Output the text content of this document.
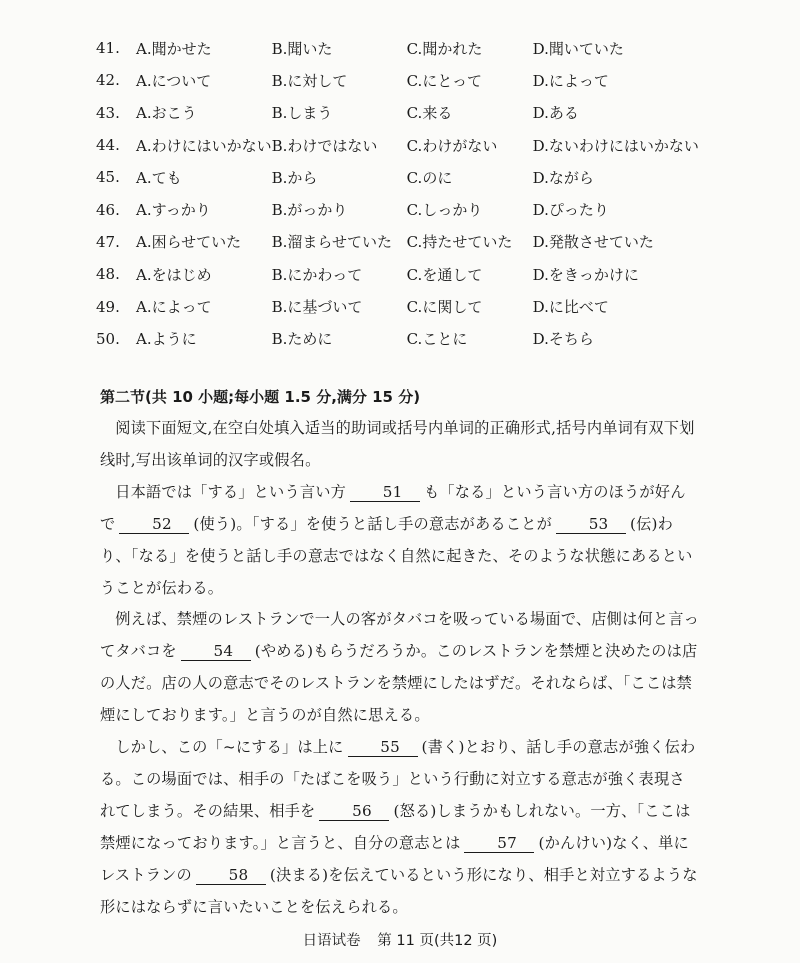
41.	A.聞かせた	B.聞いた	C.聞かれた	D.聞いていた
42.	A.について	B.に対して	C.にとって	D.によって
43.	A.おこう	B.しまう	C.来る	D.ある
44.	A.わけにはいかない	B.わけではない	C.わけがない	D.ないわけにはいかない
45.	A.ても	B.から	C.のに	D.ながら
46.	A.すっかり	B.がっかり	C.しっかり	D.ぴったり
47.	A.困らせていた	B.溜まらせていた	C.持たせていた	D.発散させていた
48.	A.をはじめ	B.にかわって	C.を通して	D.をきっかけに
49.	A.によって	B.に基づいて	C.に関して	D.に比べて
50.	A.ように	B.ために	C.ことに	D.そちら
第二节(共 10 小题;每小题 1.5 分,满分 15 分)

阅读下面短文,在空白处填入适当的助词或括号内单词的正确形式,括号内单词有双下划线时,写出该单词的汉字或假名。

日本語では「する」という言い方 51 も「なる」という言い方のほうが好んで 52 (使う)。「する」を使うと話し手の意志があることが 53 (伝)わり、「なる」を使うと話し手の意志ではなく自然に起きた、そのような状態にあるということが伝わる。

例えば、禁煙のレストランで一人の客がタバコを吸っている場面で、店側は何と言ってタバコを 54 (やめる)もらうだろうか。このレストランを禁煙と決めたのは店の人だ。店の人の意志でそのレストランを禁煙にしたはずだ。それならば、「ここは禁煙にしております。」と言うのが自然に思える。

しかし、この「~にする」は上に 55 (書く)とおり、話し手の意志が強く伝わる。この場面では、相手の「たばこを吸う」という行動に対立する意志が強く表現されてしまう。その結果、相手を 56 (怒る)しまうかもしれない。一方、「ここは禁煙になっております。」と言うと、自分の意志とは 57 (かんけい)なく、単にレストランの 58 (決まる)を伝えているという形になり、相手と対立するような形にはならずに言いたいことを伝えられる。

日语试卷 第 11 页(共12 页)
